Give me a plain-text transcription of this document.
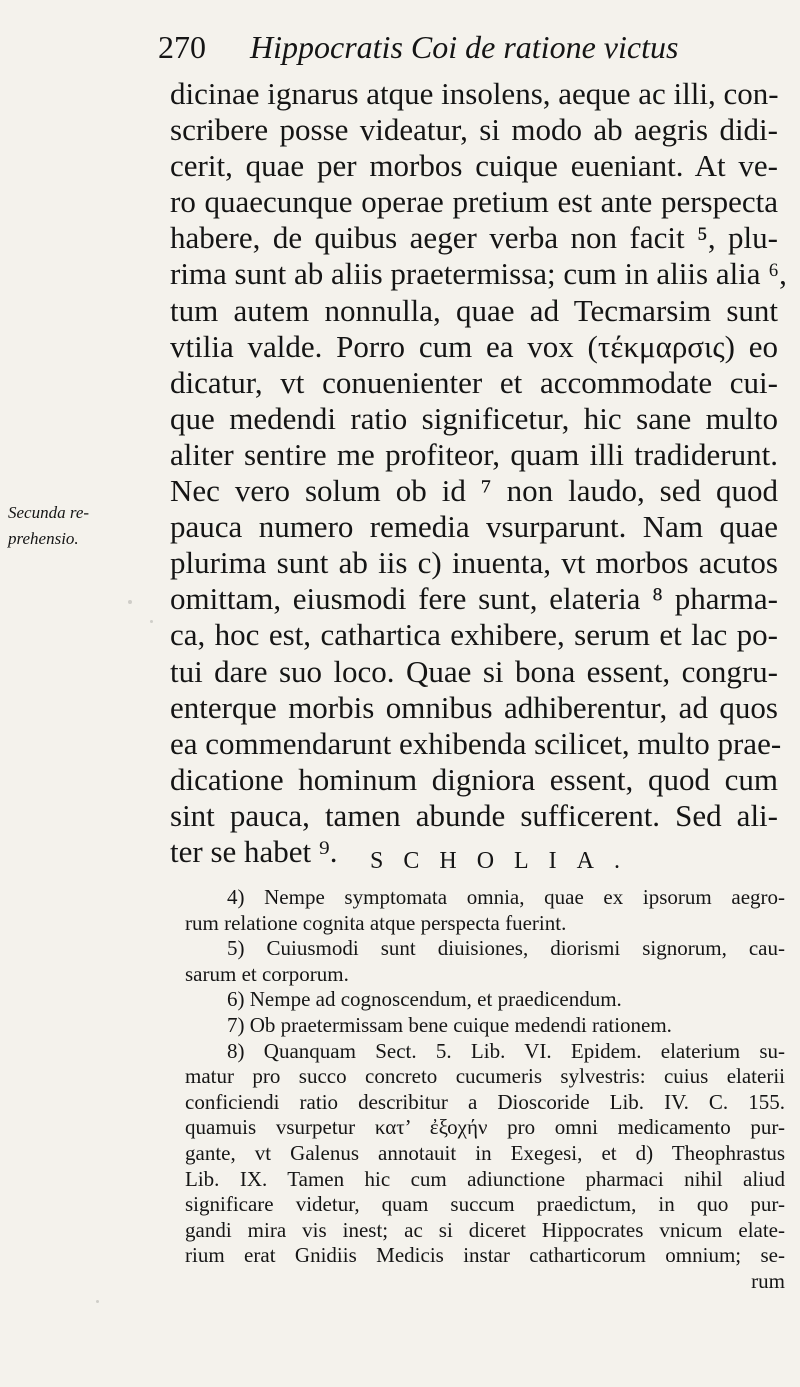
270 Hippocratis Coi de ratione victus
dicinae ignarus atque insolens, aeque ac illi, con-
scribere posse videatur, si modo ab aegris didi-
cerit, quae per morbos cuique eueniant. At ve-
ro quaecunque operae pretium est ante perspecta
habere, de quibus aeger verba non facit ⁵, plu-
rima sunt ab aliis praetermissa; cum in aliis alia ⁶,
tum autem nonnulla, quae ad Tecmarsim sunt
vtilia valde. Porro cum ea vox (τέκμαρσις) eo
dicatur, vt conuenienter et accommodate cui-
que medendi ratio significetur, hic sane multo
aliter sentire me profiteor, quam illi tradiderunt.
Nec vero solum ob id ⁷ non laudo, sed quod
pauca numero remedia vsurparunt. Nam quae
plurima sunt ab iis c) inuenta, vt morbos acutos
omittam, eiusmodi fere sunt, elateria ⁸ pharma-
ca, hoc est, cathartica exhibere, serum et lac po-
tui dare suo loco. Quae si bona essent, congru-
enterque morbis omnibus adhiberentur, ad quos
ea commendarunt exhibenda scilicet, multo prae-
dicatione hominum digniora essent, quod cum
sint pauca, tamen abunde sufficerent. Sed ali-
ter se habet ⁹.
Secunda re-
prehensio.
SCHOLIA.
4) Nempe symptomata omnia, quae ex ipsorum aegro-
rum relatione cognita atque perspecta fuerint.
5) Cuiusmodi sunt diuisiones, diorismi signorum, cau-
sarum et corporum.
6) Nempe ad cognoscendum, et praedicendum.
7) Ob praetermissam bene cuique medendi rationem.
8) Quanquam Sect. 5. Lib. VI. Epidem. elaterium su-
matur pro succo concreto cucumeris sylvestris: cuius elaterii
conficiendi ratio describitur a Dioscoride Lib. IV. C. 155.
quamuis vsurpetur κατ’ ἐξοχήν pro omni medicamento pur-
gante, vt Galenus annotauit in Exegesi, et d) Theophrastus
Lib. IX. Tamen hic cum adiunctione pharmaci nihil aliud
significare videtur, quam succum praedictum, in quo pur-
gandi mira vis inest; ac si diceret Hippocrates vnicum elate-
rium erat Gnidiis Medicis instar catharticorum omnium; se-
rum
